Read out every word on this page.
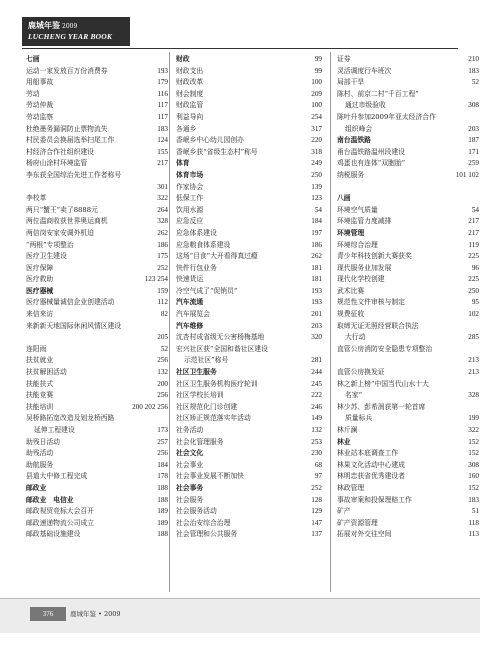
鹿城年鉴 2009
LUCHENG YEAR BOOK
七画
运动一家发放百万份消费券	193
用船事故	179
劳动	116
劳动仲裁	117
劳动监察	117
杜绝墨务漏洞防止票物流失	183
村民委员会换届选举扫尾工作	124
村经济合作社组织建设	155
杨府山涂村环境监管	217
李东获全国综治先进工作者称号
301
李校革	322
两只“蟹王”卖了8888元	264
两位温商收获世界奥运商机	328
两信岗安家安调外机迫	262
“两根”专项整治	186
医疗卫生建设	175
医疗保障	252
医疗救助	123 254
医疗器械	159
医疗器械量诚信企业创建活动	112
来信来访	82
来新新天地国际休闲风情区建设
205
连阳雨	52
扶贫就业	256
扶贫解困活动	132
扶能扶式	200
扶能竞赛	256
扶能培训	200 202 256
吴桥路拓宽改造及划龙桥西路
延伸工程建设	173
助残日活动	257
助残活动	256
助航服务	184
县道大中修工程完成	178
邮政业	188
邮政业　电信业	188
邮政视贸竞标大会召开	189
邮政速递物流公司成立	189
邮政基础设施建设	188
财政	99
财政支出	99
财政改革	100
财会制度	209
财政监管	100
利益导向	254
各通乡	317
香岷乡中心幼儿园创办	220
香岷乡获“省级生态村”称号	318
体育	249
体育市场	250
作家协会	139
低保工作	123
饮用水源	54
应急反应	184
应急体系建设	197
应急粮食体系建设	186
这场“目食”大开看得真过瘾	262
快件行包业务	181
快速货运	181
冷空气成了“促销员”	193
汽车流通	193
汽车展览会	201
汽车维修	203
沈杏村成省级无公害杨梅基地	320
宏兴社区获“全国和谐社区建设
示范社区”称号	281
社区卫生服务	244
社区卫生服务机构医疗轮训	245
社区学校长培训	222
社区规范化门诊创建	246
社区矫正规范落实年活动	149
社务活动	132
社会化管理服务	253
社会文化	230
社会事业	68
社会事业发展不断加快	97
社会事务	252
社会服务	128
社会服务活动	129
社会治安综合治理	147
社会管理和公共服务	137
证券	210
灵活调度行车班次	183
局部干旱	52
陈村、前京二村“千百工程”
通过市级验收	308
陈叶升参加2009年亚太经济合作
组织峰会	203
南台温铁路	187
甬台温铁路温州段建设	171
鸡蛋也有连体“双胞胎”	259
纳税服务	101 102
八画
环境空气质量	54
环境监管力度减排	217
环境管理	217
环境综合治理	119
青少年科技创新大赛获奖	225
现代服务业加发展	96
现代化学校创建	225
武术比赛	250
规范性文件审核与制定	95
规费征收	102
取缔无证无照经营联合执法
大行动	285
直管公房消防安全隐患专项整治
213
直管公房换发证	213
林之新上榜“中国当代山水十大
名家”	328
林少苏、彭希润获第一轮首席
质量标兵	199
林斤澜	322
林业	152
林业站本底调查工作	152
林果文化活动中心建成	308
林明忠获省优秀建设者	160
林政管理	152
事故审案和投保理赔工作	183
矿产	51
矿产资源管理	118
拓展对外交往空间	113
376	鹿城年鉴 • 2009
